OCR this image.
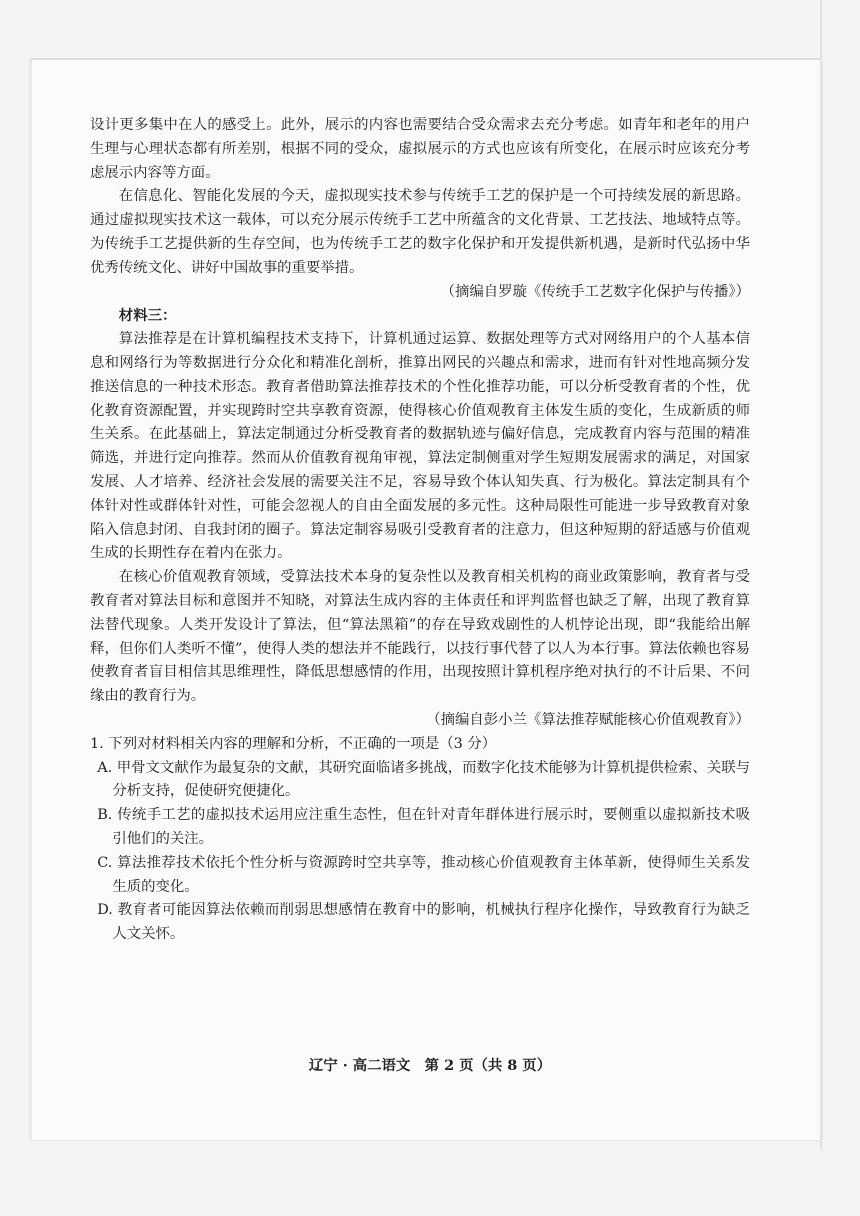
设计更多集中在人的感受上。此外，展示的内容也需要结合受众需求去充分考虑。如青年和老年的用户生理与心理状态都有所差别，根据不同的受众，虚拟展示的方式也应该有所变化，在展示时应该充分考虑展示内容等方面。

在信息化、智能化发展的今天，虚拟现实技术参与传统手工艺的保护是一个可持续发展的新思路。通过虚拟现实技术这一载体，可以充分展示传统手工艺中所蕴含的文化背景、工艺技法、地域特点等。为传统手工艺提供新的生存空间，也为传统手工艺的数字化保护和开发提供新机遇，是新时代弘扬中华优秀传统文化、讲好中国故事的重要举措。

（摘编自罗璇《传统手工艺数字化保护与传播》）

材料三：

算法推荐是在计算机编程技术支持下，计算机通过运算、数据处理等方式对网络用户的个人基本信息和网络行为等数据进行分众化和精准化剖析，推算出网民的兴趣点和需求，进而有针对性地高频分发推送信息的一种技术形态。教育者借助算法推荐技术的个性化推荐功能，可以分析受教育者的个性，优化教育资源配置，并实现跨时空共享教育资源，使得核心价值观教育主体发生质的变化，生成新质的师生关系。在此基础上，算法定制通过分析受教育者的数据轨迹与偏好信息，完成教育内容与范围的精准筛选，并进行定向推荐。然而从价值教育视角审视，算法定制侧重对学生短期发展需求的满足，对国家发展、人才培养、经济社会发展的需要关注不足，容易导致个体认知失真、行为极化。算法定制具有个体针对性或群体针对性，可能会忽视人的自由全面发展的多元性。这种局限性可能进一步导致教育对象陷入信息封闭、自我封闭的圈子。算法定制容易吸引受教育者的注意力，但这种短期的舒适感与价值观生成的长期性存在着内在张力。

在核心价值观教育领域，受算法技术本身的复杂性以及教育相关机构的商业政策影响，教育者与受教育者对算法目标和意图并不知晓，对算法生成内容的主体责任和评判监督也缺乏了解，出现了教育算法替代现象。人类开发设计了算法，但“算法黑箱”的存在导致戏剧性的人机悖论出现，即“我能给出解释，但你们人类听不懂”，使得人类的想法并不能践行，以技行事代替了以人为本行事。算法依赖也容易使教育者盲目相信其思维理性，降低思想感情的作用，出现按照计算机程序绝对执行的不计后果、不问缘由的教育行为。

（摘编自彭小兰《算法推荐赋能核心价值观教育》）

1. 下列对材料相关内容的理解和分析，不正确的一项是（3 分）

A. 甲骨文文献作为最复杂的文献，其研究面临诸多挑战，而数字化技术能够为计算机提供检索、关联与分析支持，促使研究便捷化。

B. 传统手工艺的虚拟技术运用应注重生态性，但在针对青年群体进行展示时，要侧重以虚拟新技术吸引他们的关注。

C. 算法推荐技术依托个性分析与资源跨时空共享等，推动核心价值观教育主体革新，使得师生关系发生质的变化。

D. 教育者可能因算法依赖而削弱思想感情在教育中的影响，机械执行程序化操作，导致教育行为缺乏人文关怀。

辽宁 · 高二语文　第 2 页（共 8 页）
